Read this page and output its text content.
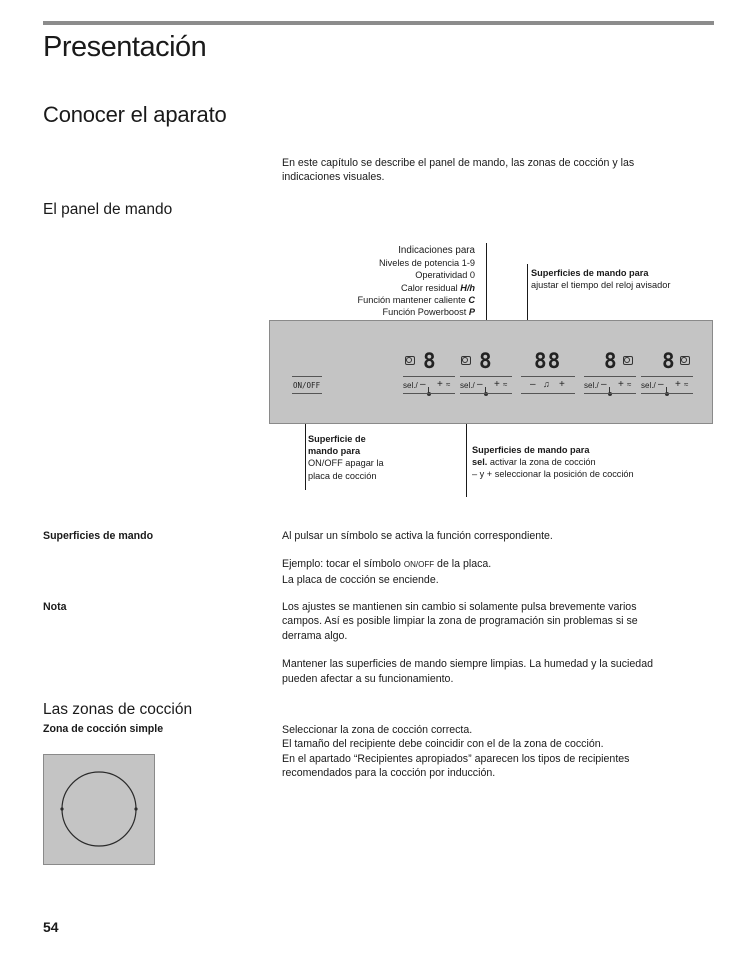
Presentación
Conocer el aparato
En este capítulo se describe el panel de mando, las zonas de cocción y las
indicaciones visuales.
El panel de mando
Indicaciones para
Niveles de potencia 1-9
Operatividad 0
Calor residual H/h
Función mantener caliente C
Función Powerboost P
Superficies de mando para
ajustar el tiempo del reloj avisador
ON/OFF
8 8 88 8 8
sel./ – + ≈ sel./ – + ≈ – ♫ + sel./ – + ≈ sel./ – + ≈
Superficie de
mando para
ON/OFF apagar la
placa de cocción
Superficies de mando para
sel. activar la zona de cocción
– y + seleccionar la posición de cocción
Superficies de mando	Al pulsar un símbolo se activa la función correspondiente.
Ejemplo: tocar el símbolo ON/OFF de la placa.
La placa de cocción se enciende.
Nota	Los ajustes se mantienen sin cambio si solamente pulsa brevemente varios
campos. Así es posible limpiar la zona de programación sin problemas si se
derrama algo.
Mantener las superficies de mando siempre limpias. La humedad y la suciedad
pueden afectar a su funcionamiento.
Las zonas de cocción
Zona de cocción simple	Seleccionar la zona de cocción correcta.
El tamaño del recipiente debe coincidir con el de la zona de cocción.
En el apartado “Recipientes apropiados” aparecen los tipos de recipientes
recomendados para la cocción por inducción.
54
